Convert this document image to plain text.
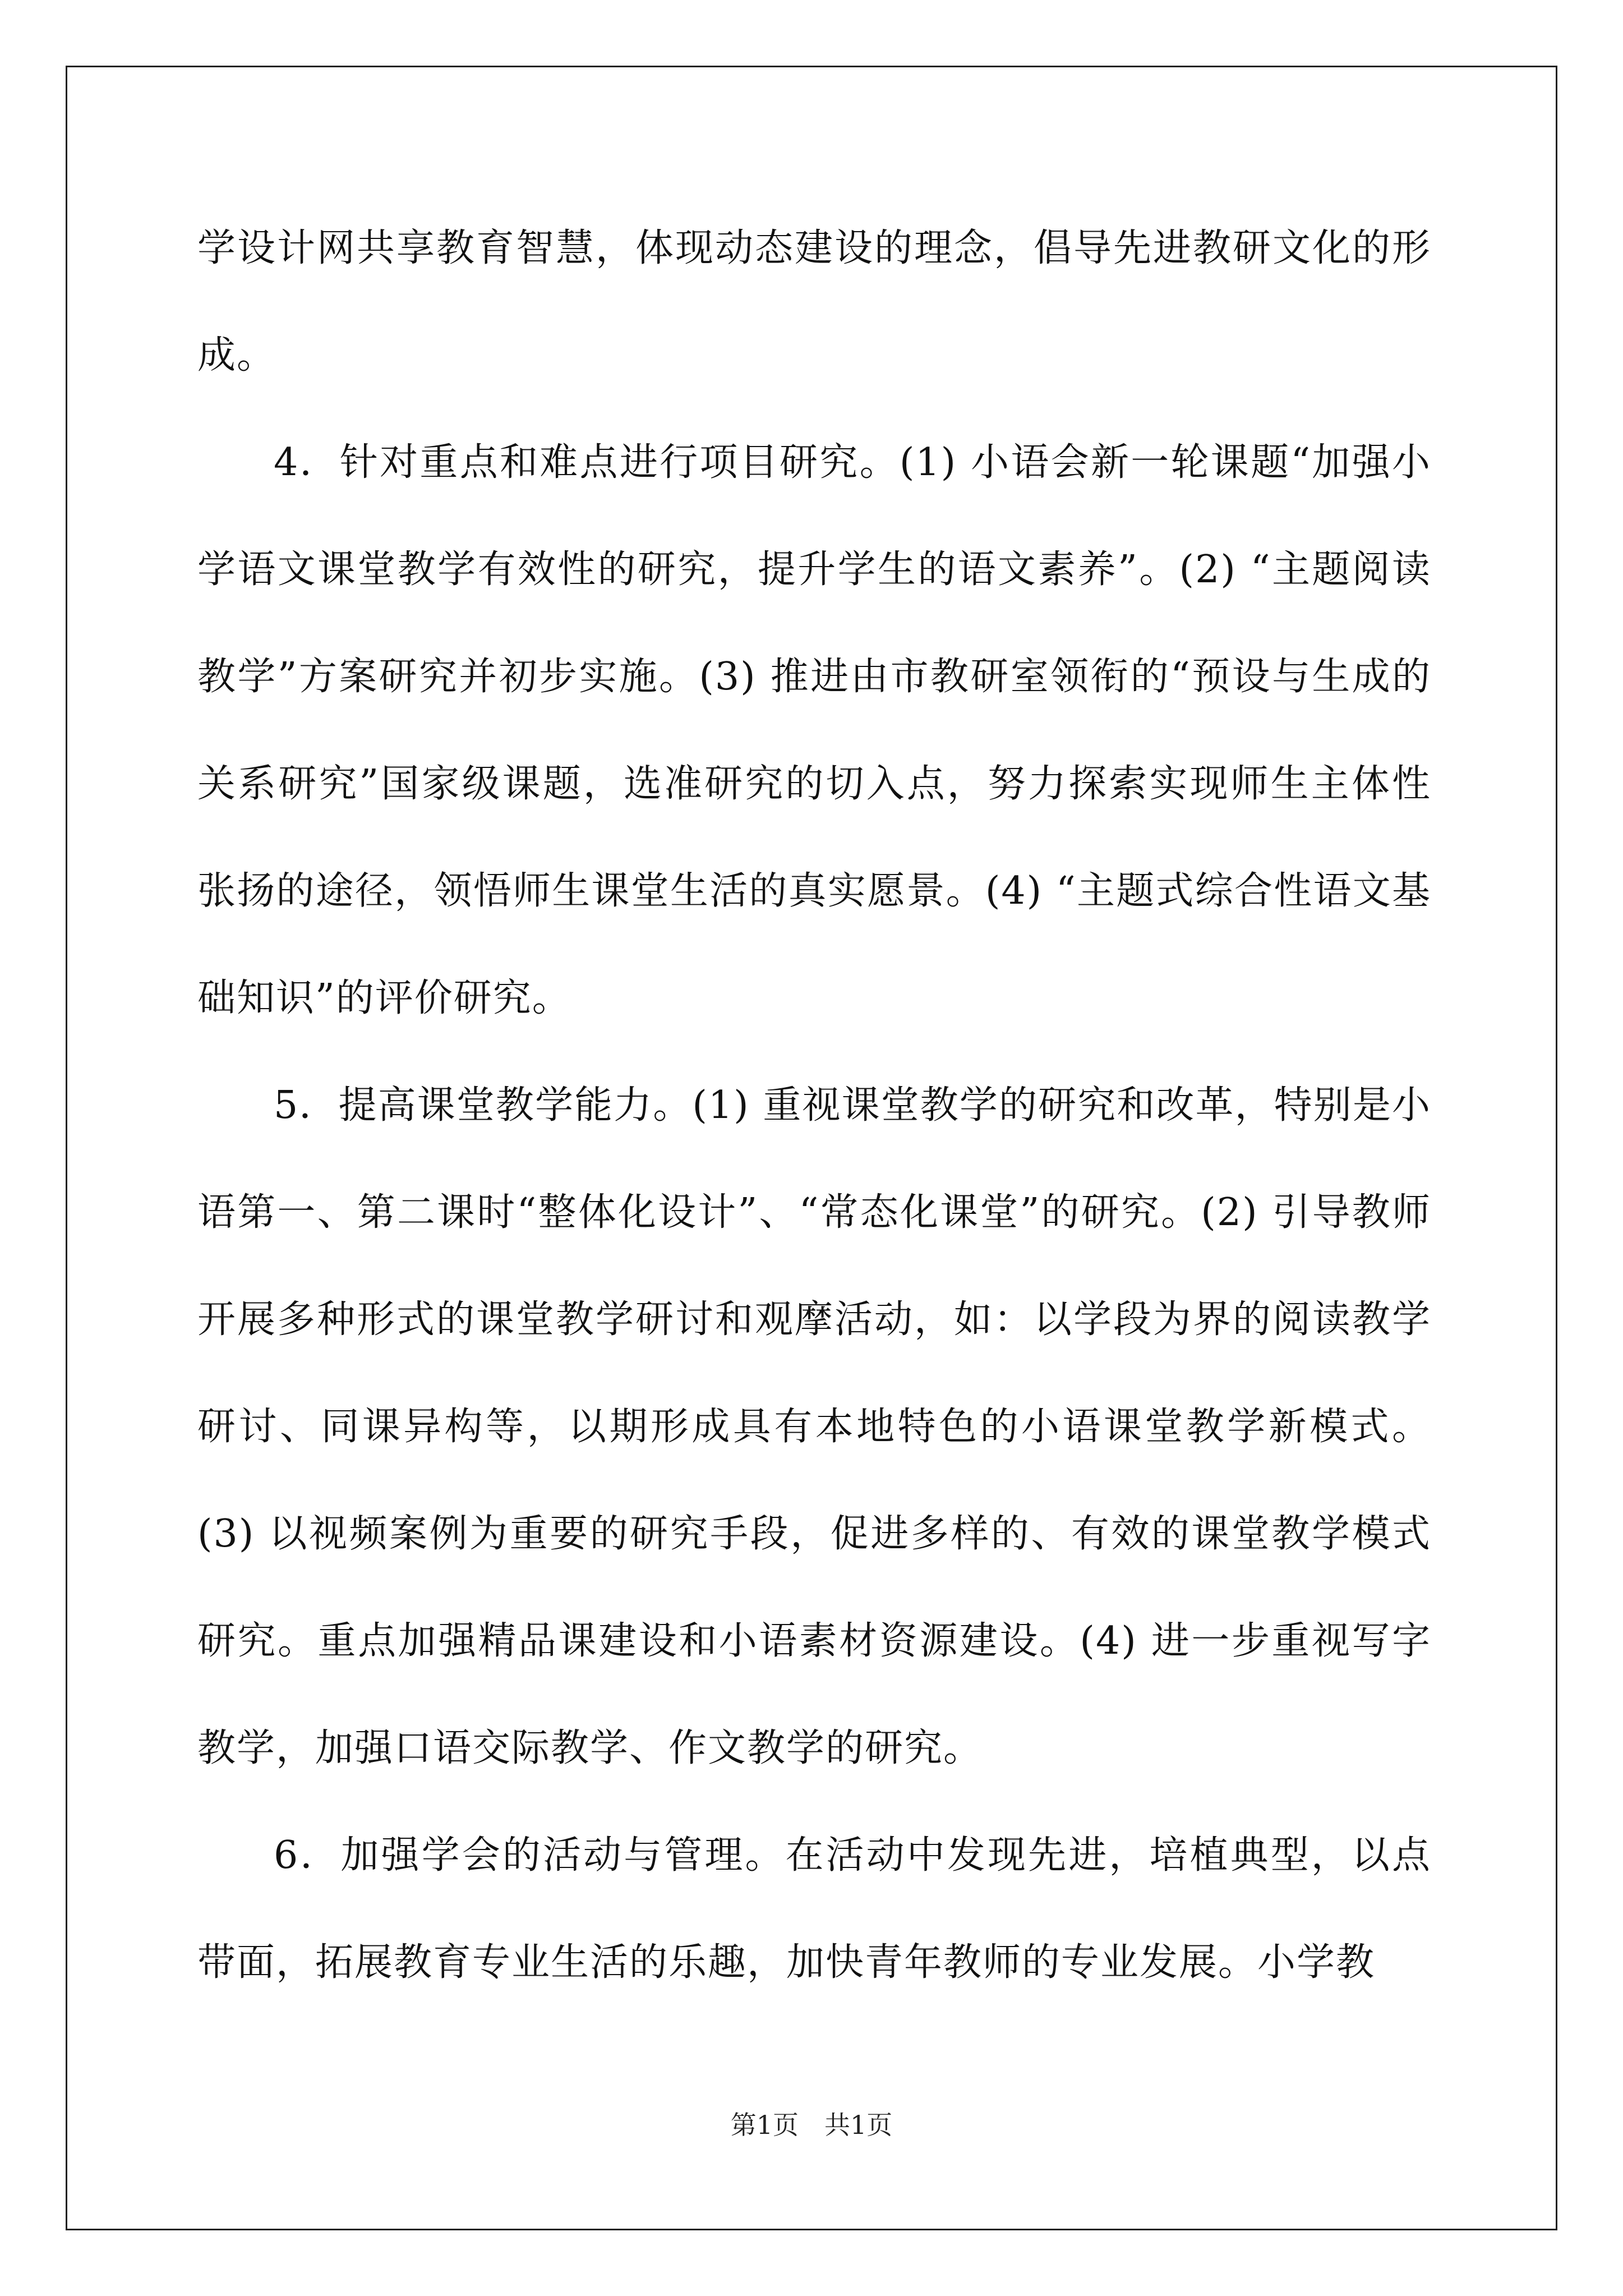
学设计网共享教育智慧，体现动态建设的理念，倡导先进教研文化的形成。

4．针对重点和难点进行项目研究。(1) 小语会新一轮课题“加强小学语文课堂教学有效性的研究，提升学生的语文素养”。(2) “主题阅读教学”方案研究并初步实施。(3) 推进由市教研室领衔的“预设与生成的关系研究”国家级课题，选准研究的切入点，努力探索实现师生主体性张扬的途径，领悟师生课堂生活的真实愿景。(4) “主题式综合性语文基础知识”的评价研究。

5．提高课堂教学能力。(1) 重视课堂教学的研究和改革，特别是小语第一、第二课时“整体化设计”、“常态化课堂”的研究。(2) 引导教师开展多种形式的课堂教学研讨和观摩活动，如：以学段为界的阅读教学研讨、同课异构等，以期形成具有本地特色的小语课堂教学新模式。(3) 以视频案例为重要的研究手段，促进多样的、有效的课堂教学模式研究。重点加强精品课建设和小语素材资源建设。(4) 进一步重视写字教学，加强口语交际教学、作文教学的研究。

6．加强学会的活动与管理。在活动中发现先进，培植典型，以点带面，拓展教育专业生活的乐趣，加快青年教师的专业发展。小学教

第1页　共1页
